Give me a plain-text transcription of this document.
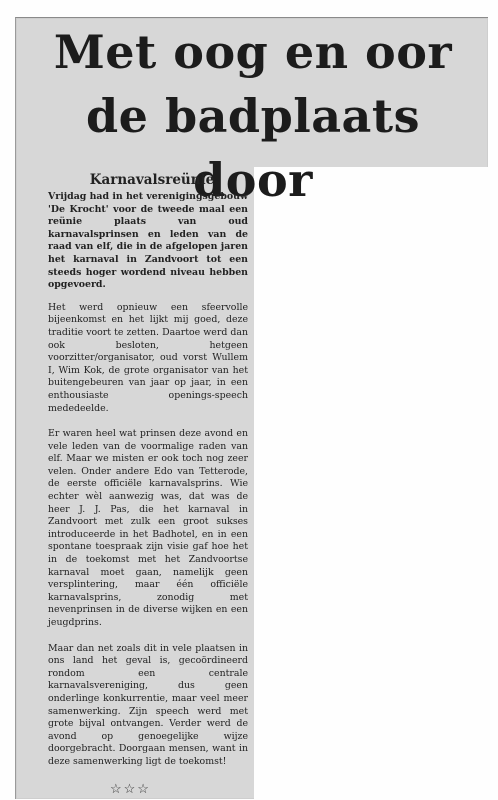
Met oog en oor
de badplaats door
Karnavalsreünie

Vrijdag had in het verenigingsgebouw 'De Krocht' voor de tweede maal een reünie plaats van oud karnavalsprinsen en leden van de raad van elf, die in de afgelopen jaren het karnaval in Zandvoort tot een steeds hoger wordend niveau hebben opgevoerd.

Het werd opnieuw een sfeervolle bijeenkomst en het lijkt mij goed, deze traditie voort te zetten. Daartoe werd dan ook besloten, hetgeen voorzitter/organisator, oud vorst Wullem I, Wim Kok, de grote organisator van het buitengebeuren van jaar op jaar, in een enthousiaste openings-speech mededeelde.

Er waren heel wat prinsen deze avond en vele leden van de voormalige raden van elf. Maar we misten er ook toch nog zeer velen. Onder andere Edo van Tetterode, de eerste officiële karnavalsprins. Wie echter wèl aanwezig was, dat was de heer J. J. Pas, die het karnaval in Zandvoort met zulk een groot sukses introduceerde in het Badhotel, en in een spontane toespraak zijn visie gaf hoe het in de toekomst met het Zandvoortse karnaval moet gaan, namelijk geen versplintering, maar één officiële karnavalsprins, zonodig met nevenprinsen in de diverse wijken en een jeugdprins.

Maar dan net zoals dit in vele plaatsen in ons land het geval is, gecoördineerd rondom een centrale karnavalsvereniging, dus geen onderlinge konkurrentie, maar veel meer samenwerking. Zijn speech werd met grote bijval ontvangen. Verder werd de avond op genoegelijke wijze doorgebracht. Doorgaan mensen, want in deze samenwerking ligt de toekomst!

☆☆☆
